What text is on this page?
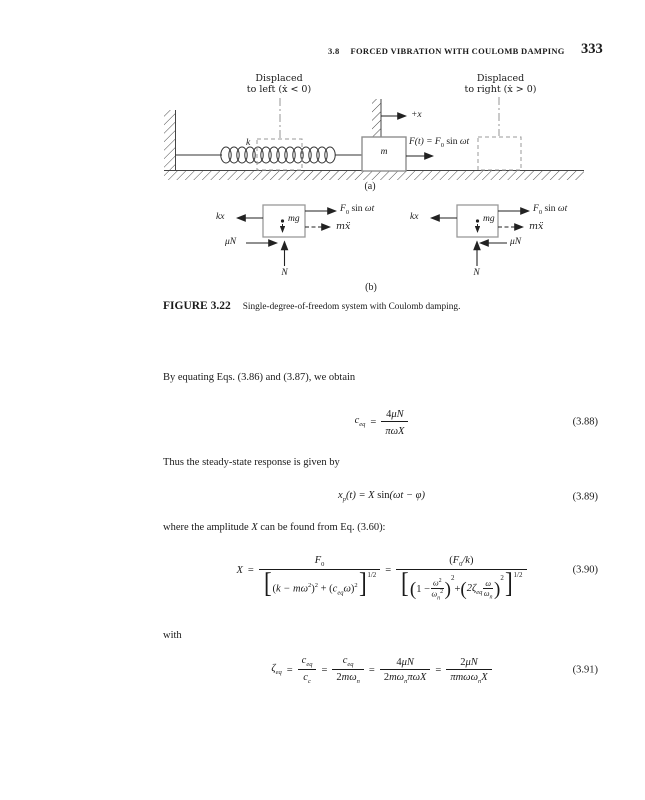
3.8 FORCED VIBRATION WITH COULOMB DAMPING 333
Displaced
to left (ẋ < 0)
Displaced
to right (ẋ > 0)
+x
k
m
$F(t) = F_0$ sin ωt
(a)
kx	mg
$F_0$ sin ωt
mẍ
μN
N
kx	mg
$F_0$ sin ωt
mẍ
μN
N
(b)
FIGURE 3.22 Single-degree-of-freedom system with Coulomb damping.
By equating Eqs. (3.86) and (3.87), we obtain
$c_{eq} = \frac{4\mu N}{\text{πωX}}$	(3.88)
Thus the steady-state response is given by
$x_p(t) = X$ sin(ωt − φ)	(3.89)
where the amplitude X can be found from Eq. (3.60):
$X = \frac{F_0}{[ (k - m\omega^2)^2 + (c_{eq}\omega)^2 ] 1/2}$ =
$(F_0/k)$
[ ( $1 - \frac{\omega^2}{\omega_n^2}$ )
2
+ ( $2\zeta_{eq}$
ω
$\omega_n$ )
2 ] 1/2	(3.90)
with
$\zeta_{eq} = \frac{c_{eq}}{c_c} = \frac{c_{eq}}{2m\omega_n} = \frac{4\mu N}{2m\omega_n\pi\omega X} = \frac{2\mu N}{\pi m\omega\omega_nX}$	(3.91)
